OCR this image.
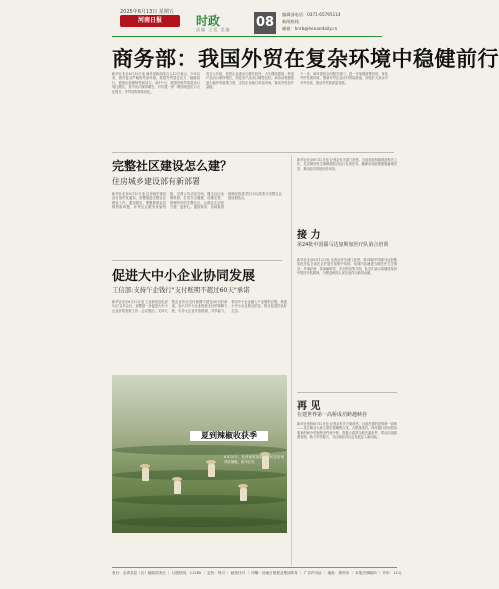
2025年6月13日 星期五
河南日报	时政
责编 王恒 美编 08
编辑部电话：0371-65795114
新闻热线：
邮箱：hnrb@henandaily.cn
商务部：我国外贸在复杂环境中稳健前行
新华社北京6月12日电 商务部新闻发言人12日表示，今年以来，面对复杂严峻的外部环境，我国外贸顶住压力、稳健前行，展现出较强韧性和活力。前5个月，我国货物贸易进出口同比增长，其中出口保持增长，对共建一带一路国家进出口占比提升，外贸结构持续优化。
发言人介绍，民营企业进出口增长较快，占比继续提高；机电产品出口保持增长，高技术产品出口增势良好。商务部将继续加大稳外贸政策力度，支持企业稳订单拓市场，推动外贸质升量稳。
下一步，商务部将会同相关部门，进一步加强政策协同，优化外贸发展环境，帮助外贸企业应对风险挑战，持续扩大高水平对外开放，推动外贸高质量发展。
完整社区建设怎么建？
住房城乡建设部有新部署
新华社北京6月12日电 住房城乡建设部日前印发通知，部署推进完整社区建设工作。通知提出，要聚焦群众急难愁盼问题，补齐社区服务设施短板，完善公共活动空间，健全社区治理机制，打造安全健康、设施完善、管理有序的完整社区，让群众生活更方便、更舒心。通知要求，各地要因地制宜推进老旧小区改造与完整社区建设相结合。
促进大中小企业协同发展
工信部:支持午企钱行"支付账期不超过60天"承诺
新华社北京6月12日电 工业和信息化部12日召开会议，部署进一步促进大中小企业协同发展工作。会议提出，支持大型企业作出支付账期不超过60天的承诺，加大对中小企业账款支付的保障力度，引导大企业开放资源、共享能力，带动中小企业融入产业链供应链，构建大中小企业相互依存、相互促进的良好生态。
夏到辣椒收获季
6月13日，在河南省某地，村民在田间采收辣椒。新华社发
新华社北京6月12日电 记者从有关部门获悉，当前各地持续推进相关工作，扎实做好民生保障和经济运行各项任务，确保各项政策措施落地见效，推动经济持续回升向好。
接 力
第24批中国援马达加斯加医疗队第合培训
新华社北京6月12日电 记者从有关部门获悉，第24批中国援马达加斯加医疗队日前在京开展行前集中培训。培训内容涵盖当地医疗卫生情况、外事纪律、传染病防控、安全防范等方面，队员们表示将继续发扬中国医疗队精神，为增进两国人民友谊作出新的贡献。
再 见
在建世界第一高桥成功跨越峡谷
新华社贵阳6月12日电 记者从有关方面获悉，目前在建的世界第一高桥——花江峡谷大桥主梁实现顺利合龙。大桥建成后，两岸通行时间将由原来的两小时缩短至约两分钟，将极大改善当地交通条件，带动沿线旅游发展，助力乡村振兴，为区域经济社会发展注入新动能。
发行：全省各县（区）邮政局发行 ｜ 订阅热线：11185 ｜ 定价：每月 ｜ 邮发代号 ｜ 印刷：河南日报报业集团印务 ｜ 广告许可证 ｜ 地址：郑州市 ｜ 本报法律顾问 ｜ 开价：12元
